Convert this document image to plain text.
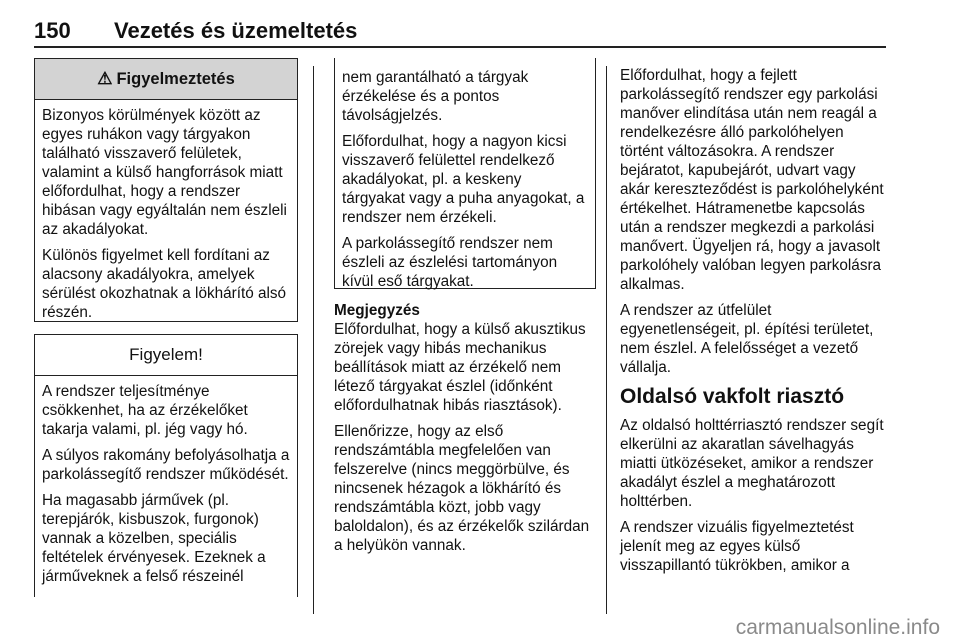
150 Vezetés és üzemeltetés
⚠ Figyelmeztetés

Bizonyos körülmények között az egyes ruhákon vagy tárgyakon található visszaverő felületek, valamint a külső hangforrások miatt előfordulhat, hogy a rendszer hibásan vagy egyáltalán nem észleli az akadályokat.

Különös figyelmet kell fordítani az alacsony akadályokra, amelyek sérülést okozhatnak a lökhárító alsó részén.

Figyelem!

A rendszer teljesítménye csökkenhet, ha az érzékelőket takarja valami, pl. jég vagy hó.

A súlyos rakomány befolyásolhatja a parkolássegítő rendszer működését.

Ha magasabb járművek (pl. terepjárók, kisbuszok, furgonok) vannak a közelben, speciális feltételek érvényesek. Ezeknek a járműveknek a felső részeinél

nem garantálható a tárgyak érzékelése és a pontos távolságjelzés.

Előfordulhat, hogy a nagyon kicsi visszaverő felülettel rendelkező akadályokat, pl. a keskeny tárgyakat vagy a puha anyagokat, a rendszer nem érzékeli.

A parkolássegítő rendszer nem észleli az észlelési tartományon kívül eső tárgyakat.

Megjegyzés

Előfordulhat, hogy a külső akusztikus zörejek vagy hibás mechanikus beállítások miatt az érzékelő nem létező tárgyakat észlel (időnként előfordulhatnak hibás riasztások).

Ellenőrizze, hogy az első rendszámtábla megfelelően van felszerelve (nincs meggörbülve, és nincsenek hézagok a lökhárító és rendszámtábla közt, jobb vagy baloldalon), és az érzékelők szilárdan a helyükön vannak.

Előfordulhat, hogy a fejlett parkolássegítő rendszer egy parkolási manőver elindítása után nem reagál a rendelkezésre álló parkolóhelyen történt változásokra. A rendszer bejáratot, kapubejárót, udvart vagy akár kereszteződést is parkolóhelyként értékelhet. Hátramenetbe kapcsolás után a rendszer megkezdi a parkolási manővert. Ügyeljen rá, hogy a javasolt parkolóhely valóban legyen parkolásra alkalmas.

A rendszer az útfelület egyenetlenségeit, pl. építési területet, nem észlel. A felelősséget a vezető vállalja.

Oldalsó vakfolt riasztó

Az oldalsó holttérriasztó rendszer segít elkerülni az akaratlan sávelhagyás miatti ütközéseket, amikor a rendszer akadályt észlel a meghatározott holttérben.

A rendszer vizuális figyelmeztetést jelenít meg az egyes külső visszapillantó tükrökben, amikor a

carmanualsonline.info
